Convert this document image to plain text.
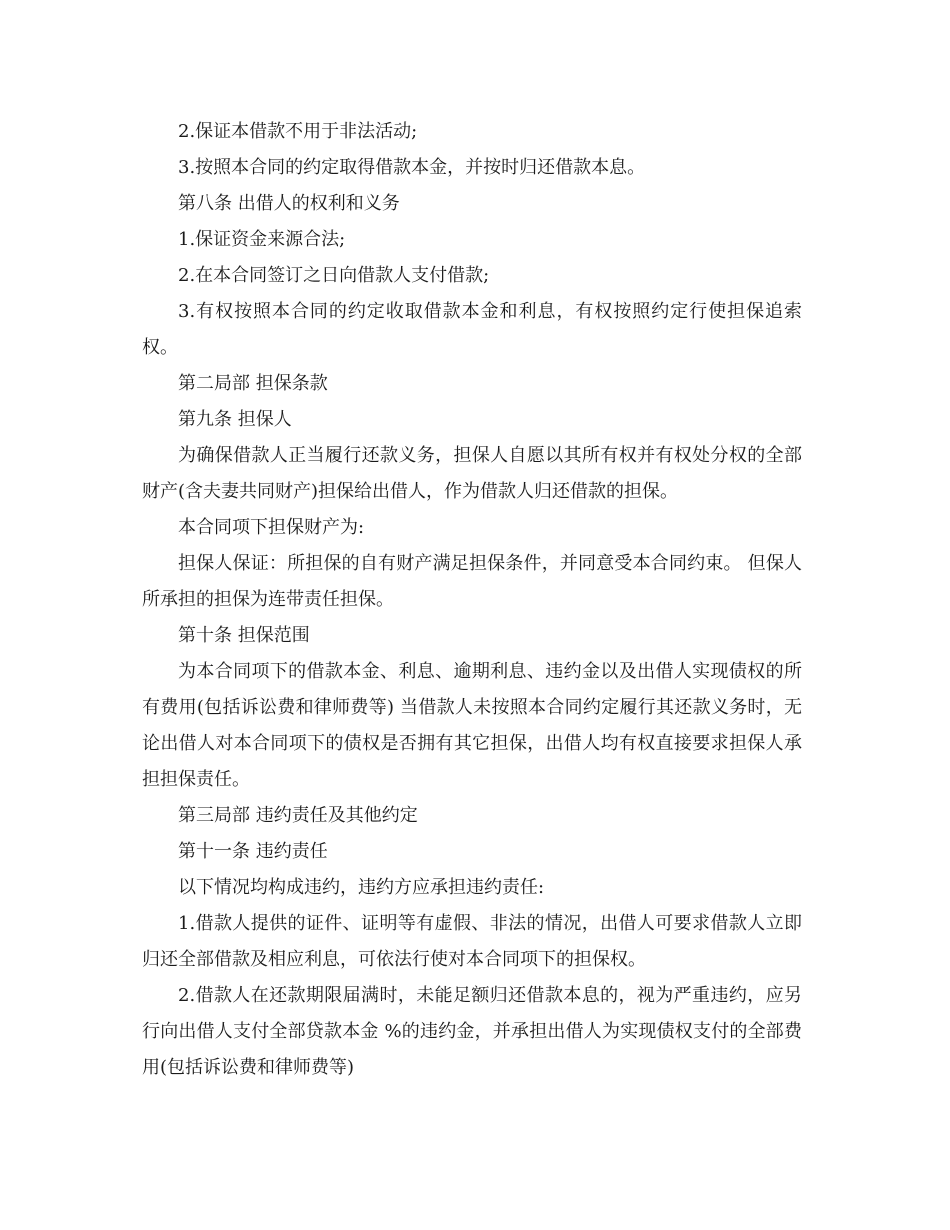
2.保证本借款不用于非法活动;

3.按照本合同的约定取得借款本金，并按时归还借款本息。

第八条 出借人的权利和义务

1.保证资金来源合法;

2.在本合同签订之日向借款人支付借款;

3.有权按照本合同的约定收取借款本金和利息，有权按照约定行使担保追索权。

第二局部 担保条款

第九条 担保人

为确保借款人正当履行还款义务，担保人自愿以其所有权并有权处分权的全部财产(含夫妻共同财产)担保给出借人，作为借款人归还借款的担保。

本合同项下担保财产为:

担保人保证：所担保的自有财产满足担保条件，并同意受本合同约束。 但保人所承担的担保为连带责任担保。

第十条 担保范围

为本合同项下的借款本金、利息、逾期利息、违约金以及出借人实现债权的所有费用(包括诉讼费和律师费等) 当借款人未按照本合同约定履行其还款义务时，无论出借人对本合同项下的债权是否拥有其它担保，出借人均有权直接要求担保人承担担保责任。

第三局部 违约责任及其他约定

第十一条 违约责任

以下情况均构成违约，违约方应承担违约责任:

1.借款人提供的证件、证明等有虚假、非法的情况，出借人可要求借款人立即归还全部借款及相应利息，可依法行使对本合同项下的担保权。

2.借款人在还款期限届满时，未能足额归还借款本息的，视为严重违约，应另行向出借人支付全部贷款本金 %的违约金，并承担出借人为实现债权支付的全部费用(包括诉讼费和律师费等)
